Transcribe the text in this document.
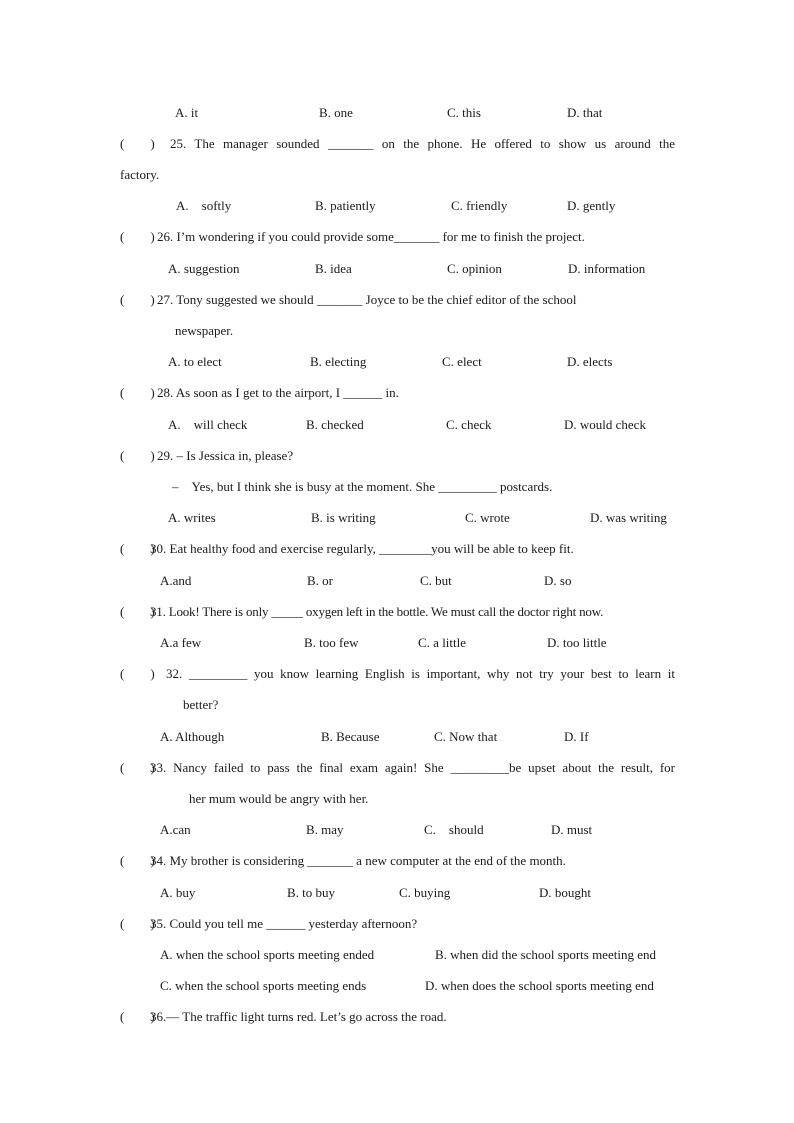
A. it	B. one	C. this	D. that
(　　)	25. The manager sounded _______ on the phone. He offered to show us around the
factory.
A.　softly	B. patiently	C. friendly	D. gently
(　　) 26. I’m wondering if you could provide some_______ for me to finish the project.
A. suggestion	B. idea	C. opinion	D. information
(　　) 27. Tony suggested we should _______ Joyce to be the chief editor of the school
newspaper.
A. to elect	B. electing	C. elect	D. elects
(　　) 28. As soon as I get to the airport, I ______ in.
A.　will check	B. checked	C. check	D. would check
(　　) 29. – Is Jessica in, please?
–　Yes, but I think she is busy at the moment. She _________ postcards.
A. writes	B. is writing	C. wrote	D. was writing
(　　)
30. Eat healthy food and exercise regularly, ________you will be able to keep fit.
A.and	B. or	C. but	D. so
(　　)
31. Look! There is only _____ oxygen left in the bottle. We must call the doctor right now.
A.a few	B. too few	C. a little	D. too little
(　　) 32. _________ you know learning English is important, why not try your best to learn it
better?
A. Although	B. Because	C. Now that	D. If
(　　)
33. Nancy failed to pass the final exam again! She _________be upset about the result, for
her mum would be angry with her.
A.can	B. may	C.　should	D. must
(　　)
34. My brother is considering _______ a new computer at the end of the month.
A. buy	B. to buy	C. buying	D. bought
(　　)
35. Could you tell me ______ yesterday afternoon?
A. when the school sports meeting ended	B. when did the school sports meeting end
C. when the school sports meeting ends	D. when does the school sports meeting end
(　　)
36.— The traffic light turns red. Let’s go across the road.
